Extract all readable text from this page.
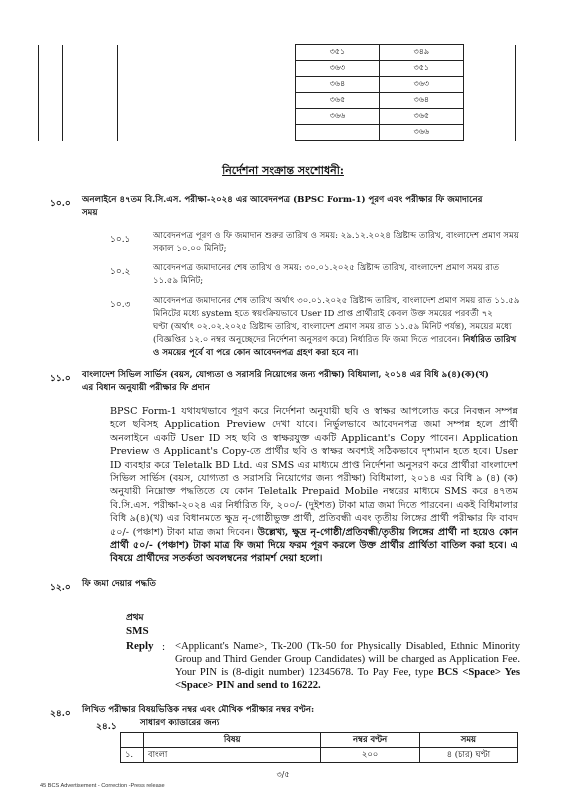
			৩৫১	৩৪৯	
			৩৬৩	৩৫১	
			৩৬৪	৩৬৩	
			৩৬৫	৩৬৪	
			৩৬৬	৩৬৫	
				৩৬৬	
নির্দেশনা সংক্রান্ত সংশোধনী:
১০.০ অনলাইনে ৪৭তম বি.সি.এস. পরীক্ষা-২০২৪ এর আবেদনপত্র (BPSC Form-1) পূরণ এবং পরীক্ষার ফি জমাদানের
সময়
১০.১	আবেদনপত্র পূরণ ও ফি জমাদান শুরুর তারিখ ও সময়: ২৯.১২.২০২৪ খ্রিষ্টাব্দ তারিখ, বাংলাদেশ প্রমাণ সময়
সকাল ১০.০০ মিনিট;
১০.২	আবেদনপত্র জমাদানের শেষ তারিখ ও সময়: ৩০.০১.২০২৫ খ্রিষ্টাব্দ তারিখ, বাংলাদেশ প্রমাণ সময় রাত
১১.৫৯ মিনিট;
১০.৩	আবেদনপত্র জমাদানের শেষ তারিখ অর্থাৎ ৩০.০১.২০২৫ খ্রিষ্টাব্দ তারিখ, বাংলাদেশ প্রমাণ সময় রাত ১১.৫৯
মিনিটের মধ্যে system হতে স্বয়ংক্রিয়ভাবে User ID প্রাপ্ত প্রার্থীরাই কেবল উক্ত সময়ের পরবর্তী ৭২
ঘণ্টা (অর্থাৎ ০২.০২.২০২৫ খ্রিষ্টাব্দ তারিখ, বাংলাদেশ প্রমাণ সময় রাত ১১.৫৯ মিনিট পর্যন্ত), সময়ের মধ্যে
(বিজ্ঞপ্তির ১২.০ নম্বর অনুচ্ছেদের নির্দেশনা অনুসরণ করে) নির্ধারিত ফি জমা দিতে পারবেন। নির্ধারিত তারিখ
ও সময়ের পূর্বে বা পরে কোন আবেদনপত্র গ্রহণ করা হবে না।
১১.০ বাংলাদেশ সিভিল সার্ভিস (বয়স, যোগ্যতা ও সরাসরি নিয়োগের জন্য পরীক্ষা) বিধিমালা, ২০১৪ এর বিধি ৯(৪)(ক)(খ)
এর বিধান অনুযায়ী পরীক্ষার ফি প্রদান
BPSC Form-1 যথাযথভাবে পূরণ করে নির্দেশনা অনুযায়ী ছবি ও স্বাক্ষর আপলোড করে নিবন্ধন সম্পন্ন হলে ছবিসহ Application Preview দেখা যাবে। নির্ভুলভাবে আবেদনপত্র জমা সম্পন্ন হলে প্রার্থী অনলাইনে একটি User ID সহ ছবি ও স্বাক্ষরযুক্ত একটি Applicant's Copy পাবেন। Application Preview ও Applicant's Copy-তে প্রার্থীর ছবি ও স্বাক্ষর অবশ্যই সঠিকভাবে দৃশ্যমান হতে হবে। User ID ব্যবহার করে Teletalk BD Ltd. এর SMS এর মাধ্যমে প্রাপ্ত নির্দেশনা অনুসরণ করে প্রার্থীরা বাংলাদেশ সিভিল সার্ভিস (বয়স, যোগ্যতা ও সরাসরি নিয়োগের জন্য পরীক্ষা) বিধিমালা, ২০১৪ এর বিধি ৯ (৪) (ক) অনুযায়ী নিম্নোক্ত পদ্ধতিতে যে কোন Teletalk Prepaid Mobile নম্বরের মাধ্যমে SMS করে ৪৭তম বি.সি.এস. পরীক্ষা-২০২৪ এর নির্ধারিত ফি, ২০০/- (দুইশত) টাকা মাত্র জমা দিতে পারবেন। একই বিধিমালার বিধি ৯(৪)(খ) এর বিধানমতে ক্ষুদ্র নৃ-গোষ্ঠীভুক্ত প্রার্থী, প্রতিবন্ধী এবং তৃতীয় লিঙ্গের প্রার্থী পরীক্ষার ফি বাবদ ৫০/- (পঞ্চাশ) টাকা মাত্র জমা দিবেন। উল্লেখ্য, ক্ষুদ্র নৃ-গোষ্ঠী/প্রতিবন্ধী/তৃতীয় লিঙ্গের প্রার্থী না হয়েও কোন প্রার্থী ৫০/- (পঞ্চাশ) টাকা মাত্র ফি জমা দিয়ে ফরম পূরণ করলে উক্ত প্রার্থীর প্রার্থিতা বাতিল করা হবে। এ বিষয়ে প্রার্থীদের সতর্কতা অবলম্বনের পরামর্শ দেয়া হলো।
১২.০ ফি জমা দেয়ার পদ্ধতি
প্রথম
SMS
Reply : <Applicant's Name>, Tk-200 (Tk-50 for Physically Disabled, Ethnic Minority Group and Third Gender Group Candidates) will be charged as Application Fee. Your PIN is (8-digit number) 12345678. To Pay Fee, type BCS <Space> Yes <Space> PIN and send to 16222.
২৪.০ লিখিত পরীক্ষার বিষয়ভিত্তিক নম্বর এবং মৌখিক পরীক্ষার নম্বর বণ্টন:
২৪.১	সাধারণ ক্যাডারের জন্য
	বিষয়	নম্বর বণ্টন	সময়
১.	বাংলা	২০০	৪ (চার) ঘণ্টা
৩/৫
45 BCS Advertisement - Correction -Press release
